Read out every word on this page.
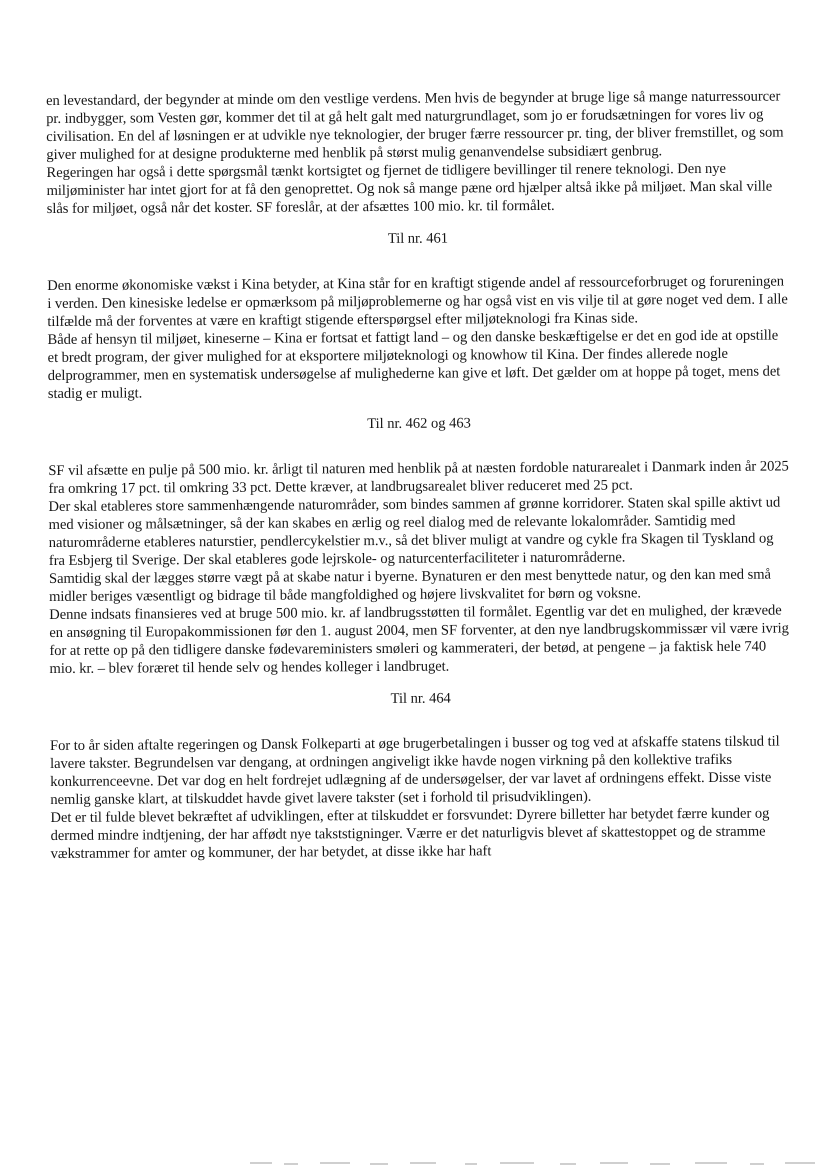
en levestandard, der begynder at minde om den vestlige verdens. Men hvis de begynder at bruge lige så mange naturressourcer pr. indbygger, som Vesten gør, kommer det til at gå helt galt med naturgrundlaget, som jo er forudsætningen for vores liv og civilisation. En del af løsningen er at udvikle nye teknologier, der bruger færre ressourcer pr. ting, der bliver fremstillet, og som giver mulighed for at designe produkterne med henblik på størst mulig genanvendelse subsidiært genbrug.

Regeringen har også i dette spørgsmål tænkt kortsigtet og fjernet de tidligere bevillinger til renere teknologi. Den nye miljøminister har intet gjort for at få den genoprettet. Og nok så mange pæne ord hjælper altså ikke på miljøet. Man skal ville slås for miljøet, også når det koster. SF foreslår, at der afsættes 100 mio. kr. til formålet.

Til nr. 461

Den enorme økonomiske vækst i Kina betyder, at Kina står for en kraftigt stigende andel af ressourceforbruget og forureningen i verden. Den kinesiske ledelse er opmærksom på miljøproblemerne og har også vist en vis vilje til at gøre noget ved dem. I alle tilfælde må der forventes at være en kraftigt stigende efterspørgsel efter miljøteknologi fra Kinas side.

Både af hensyn til miljøet, kineserne – Kina er fortsat et fattigt land – og den danske beskæftigelse er det en god ide at opstille et bredt program, der giver mulighed for at eksportere miljøteknologi og knowhow til Kina. Der findes allerede nogle delprogrammer, men en systematisk undersøgelse af mulighederne kan give et løft. Det gælder om at hoppe på toget, mens det stadig er muligt.

Til nr. 462 og 463

SF vil afsætte en pulje på 500 mio. kr. årligt til naturen med henblik på at næsten fordoble naturarealet i Danmark inden år 2025 fra omkring 17 pct. til omkring 33 pct. Dette kræver, at landbrugsarealet bliver reduceret med 25 pct.

Der skal etableres store sammenhængende naturområder, som bindes sammen af grønne korridorer. Staten skal spille aktivt ud med visioner og målsætninger, så der kan skabes en ærlig og reel dialog med de relevante lokalområder. Samtidig med naturområderne etableres naturstier, pendlercykelstier m.v., så det bliver muligt at vandre og cykle fra Skagen til Tyskland og fra Esbjerg til Sverige. Der skal etableres gode lejrskole- og naturcenterfaciliteter i naturområderne.

Samtidig skal der lægges større vægt på at skabe natur i byerne. Bynaturen er den mest benyttede natur, og den kan med små midler beriges væsentligt og bidrage til både mangfoldighed og højere livskvalitet for børn og voksne.

Denne indsats finansieres ved at bruge 500 mio. kr. af landbrugsstøtten til formålet. Egentlig var det en mulighed, der krævede en ansøgning til Europakommissionen før den 1. august 2004, men SF forventer, at den nye landbrugskommissær vil være ivrig for at rette op på den tidligere danske fødevareministers smøleri og kammerateri, der betød, at pengene – ja faktisk hele 740 mio. kr. – blev foræret til hende selv og hendes kolleger i landbruget.

Til nr. 464

For to år siden aftalte regeringen og Dansk Folkeparti at øge brugerbetalingen i busser og tog ved at afskaffe statens tilskud til lavere takster. Begrundelsen var dengang, at ordningen angiveligt ikke havde nogen virkning på den kollektive trafiks konkurrenceevne. Det var dog en helt fordrejet udlægning af de undersøgelser, der var lavet af ordningens effekt. Disse viste nemlig ganske klart, at tilskuddet havde givet lavere takster (set i forhold til prisudviklingen).

Det er til fulde blevet bekræftet af udviklingen, efter at tilskuddet er forsvundet: Dyrere billetter har betydet færre kunder og dermed mindre indtjening, der har affødt nye takststigninger. Værre er det naturligvis blevet af skattestoppet og de stramme vækstrammer for amter og kommuner, der har betydet, at disse ikke har haft
